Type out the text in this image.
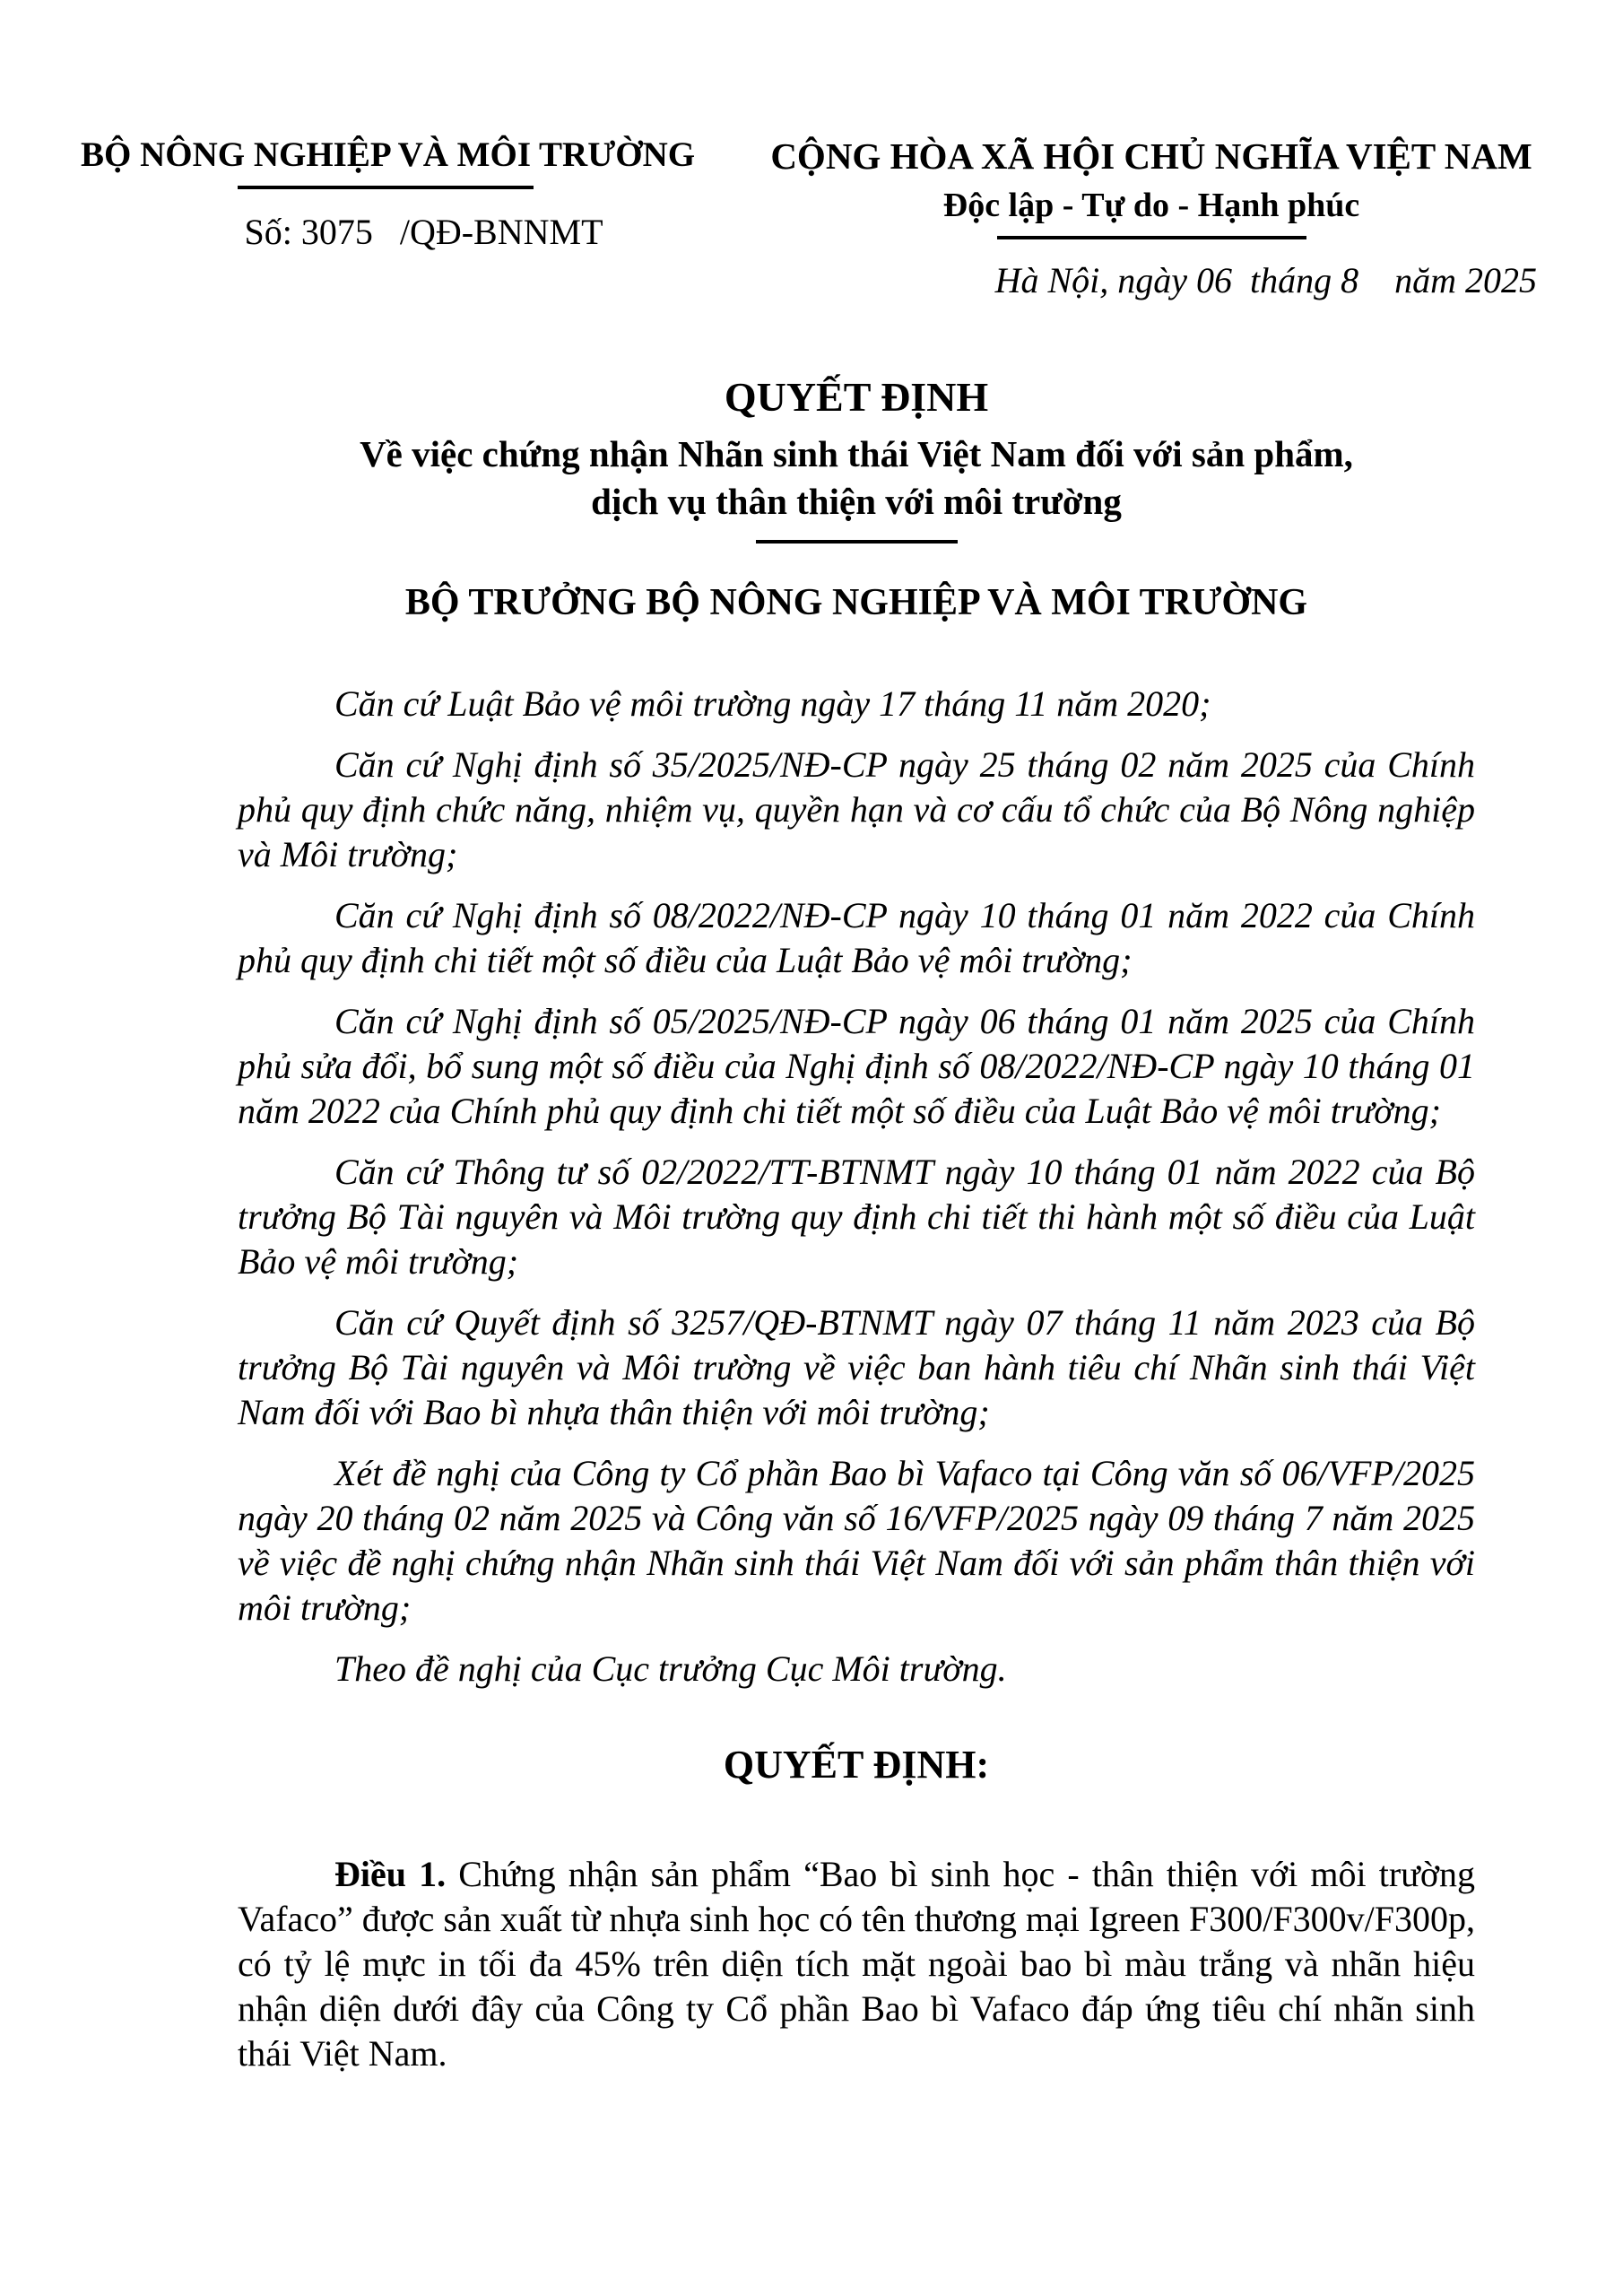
BỘ NÔNG NGHIỆP VÀ MÔI TRƯỜNG
Số: 3075   /QĐ-BNNMT
CỘNG HÒA XÃ HỘI CHỦ NGHĨA VIỆT NAM
Độc lập - Tự do - Hạnh phúc
Hà Nội, ngày 06  tháng 8    năm 2025
QUYẾT ĐỊNH
Về việc chứng nhận Nhãn sinh thái Việt Nam đối với sản phẩm,
dịch vụ thân thiện với môi trường
BỘ TRƯỞNG BỘ NÔNG NGHIỆP VÀ MÔI TRƯỜNG

Căn cứ Luật Bảo vệ môi trường ngày 17 tháng 11 năm 2020;

Căn cứ Nghị định số 35/2025/NĐ-CP ngày 25 tháng 02 năm 2025 của Chính phủ quy định chức năng, nhiệm vụ, quyền hạn và cơ cấu tổ chức của Bộ Nông nghiệp và Môi trường;

Căn cứ Nghị định số 08/2022/NĐ-CP ngày 10 tháng 01 năm 2022 của Chính phủ quy định chi tiết một số điều của Luật Bảo vệ môi trường;

Căn cứ Nghị định số 05/2025/NĐ-CP ngày 06 tháng 01 năm 2025 của Chính phủ sửa đổi, bổ sung một số điều của Nghị định số 08/2022/NĐ-CP ngày 10 tháng 01 năm 2022 của Chính phủ quy định chi tiết một số điều của Luật Bảo vệ môi trường;

Căn cứ Thông tư số 02/2022/TT-BTNMT ngày 10 tháng 01 năm 2022 của Bộ trưởng Bộ Tài nguyên và Môi trường quy định chi tiết thi hành một số điều của Luật Bảo vệ môi trường;

Căn cứ Quyết định số 3257/QĐ-BTNMT ngày 07 tháng 11 năm 2023 của Bộ trưởng Bộ Tài nguyên và Môi trường về việc ban hành tiêu chí Nhãn sinh thái Việt Nam đối với Bao bì nhựa thân thiện với môi trường;

Xét đề nghị của Công ty Cổ phần Bao bì Vafaco tại Công văn số 06/VFP/2025 ngày 20 tháng 02 năm 2025 và Công văn số 16/VFP/2025 ngày 09 tháng 7 năm 2025 về việc đề nghị chứng nhận Nhãn sinh thái Việt Nam đối với sản phẩm thân thiện với môi trường;

Theo đề nghị của Cục trưởng Cục Môi trường.

QUYẾT ĐỊNH:

Điều 1. Chứng nhận sản phẩm “Bao bì sinh học - thân thiện với môi trường Vafaco” được sản xuất từ nhựa sinh học có tên thương mại Igreen F300/F300v/F300p, có tỷ lệ mực in tối đa 45% trên diện tích mặt ngoài bao bì màu trắng và nhãn hiệu nhận diện dưới đây của Công ty Cổ phần Bao bì Vafaco đáp ứng tiêu chí nhãn sinh thái Việt Nam.
